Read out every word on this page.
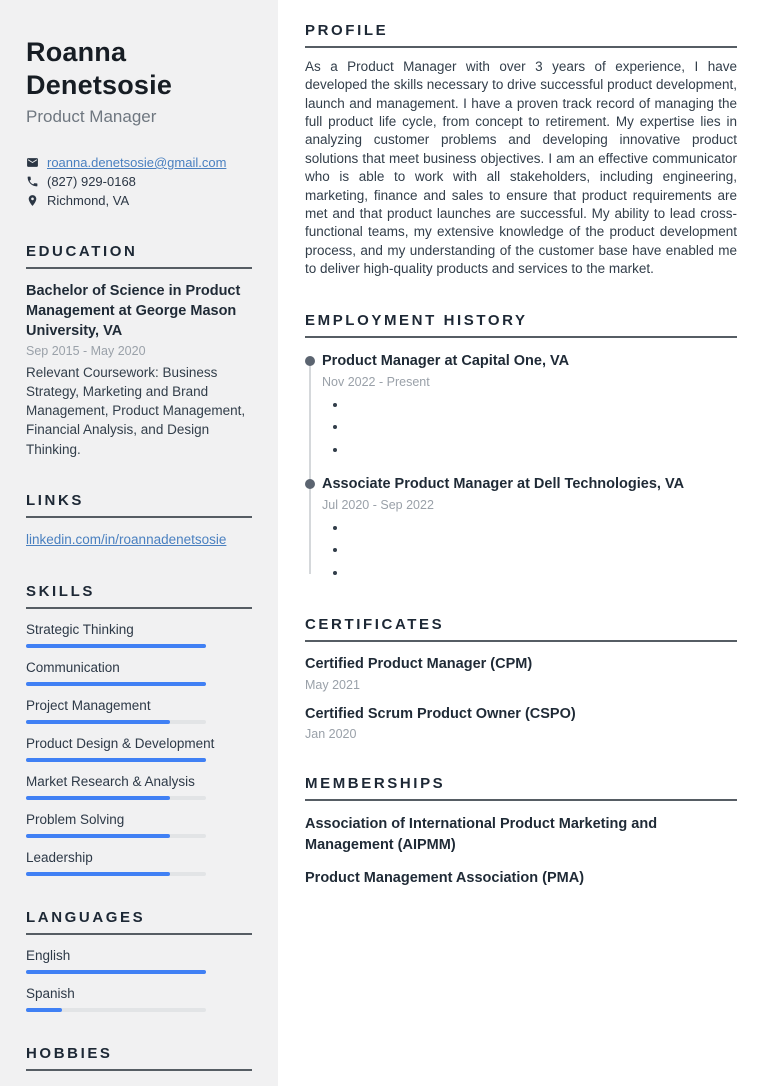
Roanna Denetsosie
Product Manager
roanna.denetsosie@gmail.com
(827) 929-0168
Richmond, VA
EDUCATION
Bachelor of Science in Product Management at George Mason University, VA
Sep 2015 - May 2020
Relevant Coursework: Business Strategy, Marketing and Brand Management, Product Management, Financial Analysis, and Design Thinking.
LINKS
linkedin.com/in/roannadenetsosie
SKILLS
Strategic Thinking
Communication
Project Management
Product Design & Development
Market Research & Analysis
Problem Solving
Leadership
LANGUAGES
English
Spanish
HOBBIES
PROFILE

As a Product Manager with over 3 years of experience, I have developed the skills necessary to drive successful product development, launch and management. I have a proven track record of managing the full product life cycle, from concept to retirement. My expertise lies in analyzing customer problems and developing innovative product solutions that meet business objectives. I am an effective communicator who is able to work with all stakeholders, including engineering, marketing, finance and sales to ensure that product requirements are met and that product launches are successful. My ability to lead cross-functional teams, my extensive knowledge of the product development process, and my understanding of the customer base have enabled me to deliver high-quality products and services to the market.

EMPLOYMENT HISTORY
Product Manager at Capital One, VA
Nov 2022 - Present
•
•
•
Associate Product Manager at Dell Technologies, VA
Jul 2020 - Sep 2022
•
•
•
CERTIFICATES
Certified Product Manager (CPM)
May 2021
Certified Scrum Product Owner (CSPO)
Jan 2020
MEMBERSHIPS
Association of International Product Marketing and Management (AIPMM)
Product Management Association (PMA)
